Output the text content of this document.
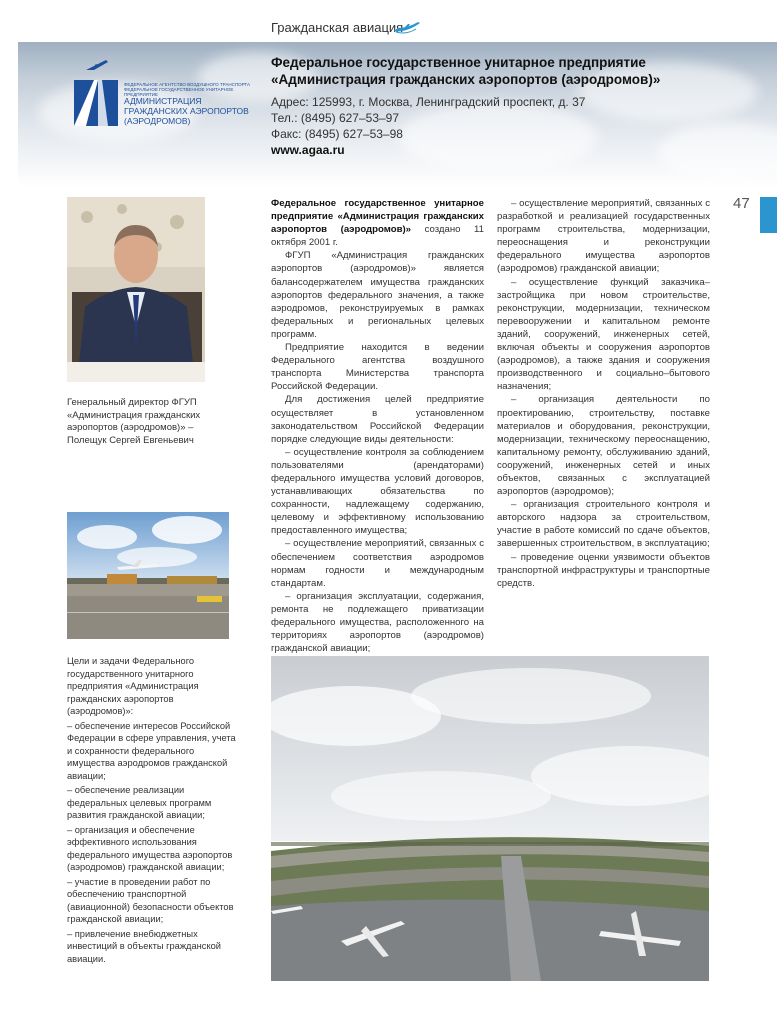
Гражданская авиация
ФЕДЕРАЛЬНОЕ АГЕНТСТВО ВОЗДУШНОГО ТРАНСПОРТА
ФЕДЕРАЛЬНОЕ ГОСУДАРСТВЕННОЕ УНИТАРНОЕ ПРЕДПРИЯТИЕ
АДМИНИСТРАЦИЯ
ГРАЖДАНСКИХ АЭРОПОРТОВ
(АЭРОДРОМОВ)
Федеральное государственное унитарное предприятие
«Администрация гражданских аэропортов (аэродромов)»
Адрес: 125993, г. Москва, Ленинградский проспект, д. 37
Тел.: (8495) 627–53–97
Факс: (8495) 627–53–98
www.agaa.ru
47
Генеральный директор ФГУП «Администрация гражданских аэропортов (аэродромов)» – Полещук Сергей Евгеньевич

Цели и задачи Федерального государственного унитарного предприятия «Администрация гражданских аэропортов (аэродромов)»:

– обеспечение интересов Российской Федерации в сфере управления, учета и сохранности федерального имущества аэродромов гражданской авиации;

– обеспечение реализации федеральных целевых программ развития гражданской авиации;

– организация и обеспечение эффективного использования федерального имущества аэропортов (аэродромов) гражданской авиации;

– участие в проведении работ по обеспечению транспортной (авиационной) безопасности объектов гражданской авиации;

– привлечение внебюджетных инвестиций в объекты гражданской авиации.

Федеральное государственное унитарное предприятие «Администрация гражданских аэропортов (аэродромов)» создано 11 октября 2001 г.

ФГУП «Администрация гражданских аэропортов (аэродромов)» является балансодержателем имущества гражданских аэропортов федерального значения, а также аэродромов, реконструируемых в рамках федеральных и региональных целевых программ.

Предприятие находится в ведении Федерального агентства воздушного транспорта Министерства транспорта Российской Федерации.

Для достижения целей предприятие осуществляет в установленном законодательством Российской Федерации порядке следующие виды деятельности:

– осуществление контроля за соблюдением пользователями (арендаторами) федерального имущества условий договоров, устанавливающих обязательства по сохранности, надлежащему содержанию, целевому и эффективному использованию предоставленного имущества;

– осуществление мероприятий, связанных с обеспечением соответствия аэродромов нормам годности и международным стандартам.

– организация эксплуатации, содержания, ремонта не подлежащего приватизации федерального имущества, расположенного на территориях аэропортов (аэродромов) гражданской авиации;

– осуществление мероприятий, связанных с разработкой и реализацией государственных программ строительства, модернизации, переоснащения и реконструкции федерального имущества аэропортов (аэродромов) гражданской авиации;

– осуществление функций заказчика–застройщика при новом строительстве, реконструкции, модернизации, техническом перевооружении и капитальном ремонте зданий, сооружений, инженерных сетей, включая объекты и сооружения аэропортов (аэродромов), а также здания и сооружения производственного и социально–бытового назначения;

– организация деятельности по проектированию, строительству, поставке материалов и оборудования, реконструкции, модернизации, техническому переоснащению, капитальному ремонту, обслуживанию зданий, сооружений, инженерных сетей и иных объектов, связанных с эксплуатацией аэропортов (аэродромов);

– организация строительного контроля и авторского надзора за строительством, участие в работе комиссий по сдаче объектов, завершенных строительством, в эксплуатацию;

– проведение оценки уязвимости объектов транспортной инфраструктуры и транспортные средств.
